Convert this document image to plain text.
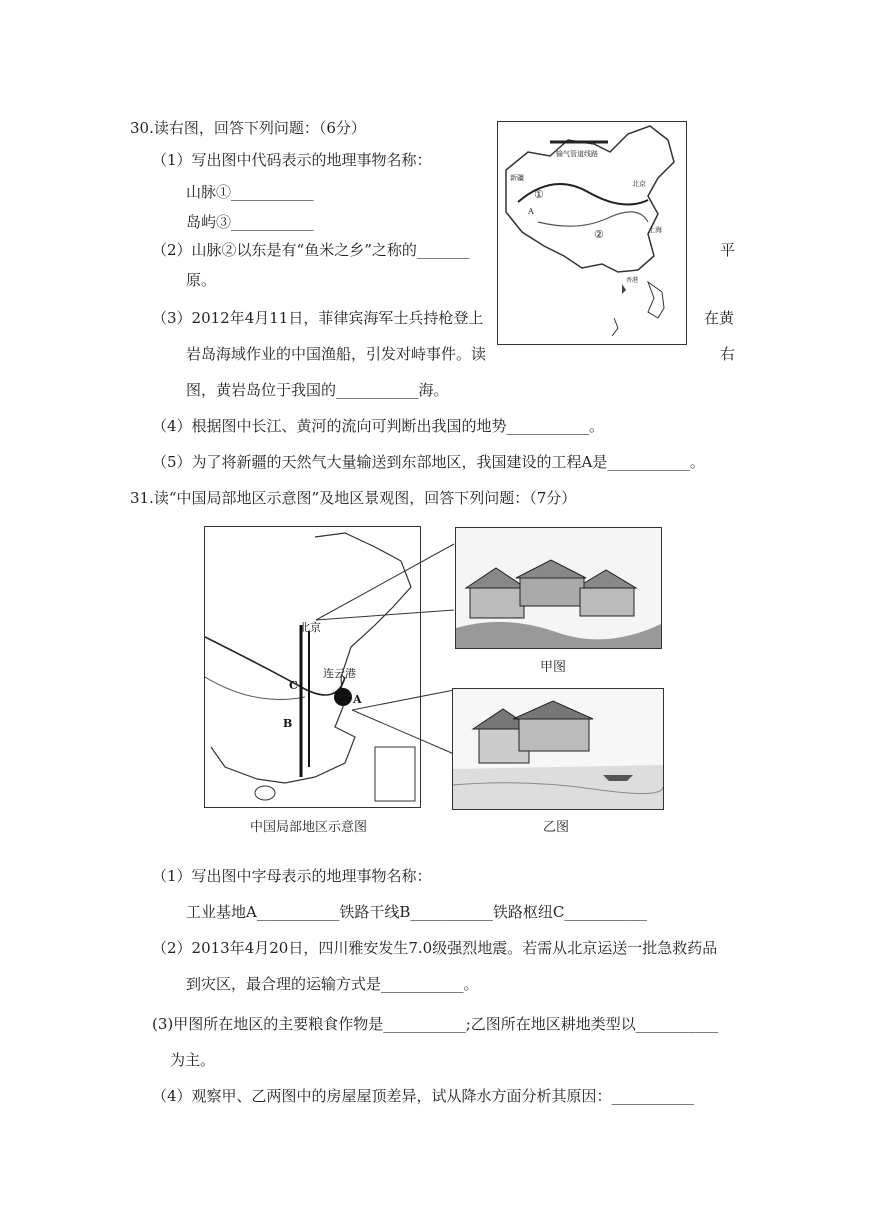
30.读右图，回答下列问题：（6分）
（1）写出图中代码表示的地理事物名称：
山脉①___________
岛屿③___________
（2）山脉②以东是有“鱼米之乡”之称的_______	平
原。
（3）2012年4月11日，菲律宾海军士兵持枪登上	在黄
岩岛海域作业的中国渔船，引发对峙事件。读	右
图，黄岩岛位于我国的___________海。
（4）根据图中长江、黄河的流向可判断出我国的地势___________。
（5）为了将新疆的天然气大量输送到东部地区，我国建设的工程A是___________。
输气管道线路
新疆
①
②
A
北京
上海
香港
31.读“中国局部地区示意图”及地区景观图，回答下列问题：（7分）
北京
连云港
A
B
C
中国局部地区示意图
甲图
乙图
（1）写出图中字母表示的地理事物名称：
工业基地A___________铁路干线B___________铁路枢纽C___________
（2）2013年4月20日，四川雅安发生7.0级强烈地震。若需从北京运送一批急救药品
到灾区，最合理的运输方式是___________。
(3)甲图所在地区的主要粮食作物是___________;乙图所在地区耕地类型以___________
为主。
（4）观察甲、乙两图中的房屋屋顶差异，试从降水方面分析其原因：___________
